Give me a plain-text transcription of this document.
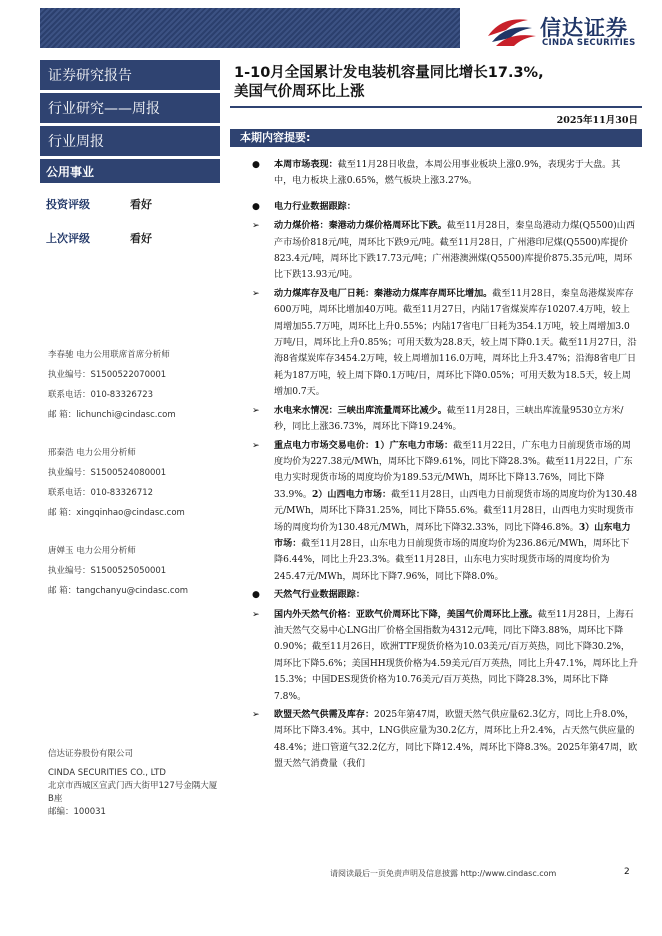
信达证券
CINDA SECURITIES
证券研究报告
行业研究——周报
行业周报
公用事业
投资评级	看好
上次评级	看好
李春驰 电力公用联席首席分析师
执业编号：S1500522070001
联系电话：010-83326723
邮 箱：lichunchi@cindasc.com
邢秦浩 电力公用分析师
执业编号：S1500524080001
联系电话：010-83326712
邮 箱：xingqinhao@cindasc.com
唐婵玉 电力公用分析师
执业编号：S1500525050001
邮 箱：tangchanyu@cindasc.com
信达证券股份有限公司
CINDA SECURITIES CO., LTD
北京市西城区宣武门西大街甲127号金隅大厦B座
邮编：100031
1-10月全国累计发电装机容量同比增长17.3%,
美国气价周环比上涨
2025年11月30日
本期内容提要:
● 本周市场表现：截至11月28日收盘，本周公用事业板块上涨0.9%，表现劣于大盘。其中，电力板块上涨0.65%，燃气板块上涨3.27%。
● 电力行业数据跟踪：
➢ 动力煤价格：秦港动力煤价格周环比下跌。截至11月28日，秦皇岛港动力煤(Q5500)山西产市场价818元/吨，周环比下跌9元/吨。截至11月28日，广州港印尼煤(Q5500)库提价823.4元/吨，周环比下跌17.73元/吨；广州港澳洲煤(Q5500)库提价875.35元/吨，周环比下跌13.93元/吨。
➢ 动力煤库存及电厂日耗：秦港动力煤库存周环比增加。截至11月28日，秦皇岛港煤炭库存600万吨，周环比增加40万吨。截至11月27日，内陆17省煤炭库存10207.4万吨，较上周增加55.7万吨，周环比上升0.55%；内陆17省电厂日耗为354.1万吨，较上周增加3.0万吨/日，周环比上升0.85%；可用天数为28.8天，较上周下降0.1天。截至11月27日，沿海8省煤炭库存3454.2万吨，较上周增加116.0万吨，周环比上升3.47%；沿海8省电厂日耗为187万吨，较上周下降0.1万吨/日，周环比下降0.05%；可用天数为18.5天，较上周增加0.7天。
➢ 水电来水情况：三峡出库流量周环比减少。截至11月28日，三峡出库流量9530立方米/秒，同比上涨36.73%，周环比下降19.24%。
➢ 重点电力市场交易电价：1）广东电力市场：截至11月22日，广东电力日前现货市场的周度均价为227.38元/MWh，周环比下降9.61%，同比下降28.3%。截至11月22日，广东电力实时现货市场的周度均价为189.53元/MWh，周环比下降13.76%，同比下降33.9%。2）山西电力市场：截至11月28日，山西电力日前现货市场的周度均价为130.48元/MWh，周环比下降31.25%，同比下降55.6%。截至11月28日，山西电力实时现货市场的周度均价为130.48元/MWh，周环比下降32.33%，同比下降46.8%。3）山东电力市场：截至11月28日，山东电力日前现货市场的周度均价为236.86元/MWh，周环比下降6.44%，同比上升23.3%。截至11月28日，山东电力实时现货市场的周度均价为245.47元/MWh，周环比下降7.96%，同比下降8.0%。
● 天然气行业数据跟踪：
➢ 国内外天然气价格：亚欧气价周环比下降，美国气价周环比上涨。截至11月28日，上海石油天然气交易中心LNG出厂价格全国指数为4312元/吨，同比下降3.88%，周环比下降0.90%；截至11月26日，欧洲TTF现货价格为10.03美元/百万英热，同比下降30.2%，周环比下降5.6%；美国HH现货价格为4.59美元/百万英热，同比上升47.1%，周环比上升15.3%；中国DES现货价格为10.76美元/百万英热，同比下降28.3%，周环比下降7.8%。
➢ 欧盟天然气供需及库存：2025年第47周，欧盟天然气供应量62.3亿方，同比上升8.0%，周环比下降3.4%。其中，LNG供应量为30.2亿方，周环比上升2.4%，占天然气供应量的48.4%；进口管道气32.2亿方，同比下降12.4%，周环比下降8.3%。2025年第47周，欧盟天然气消费量（我们
请阅读最后一页免责声明及信息披露 http://www.cindasc.com	2
